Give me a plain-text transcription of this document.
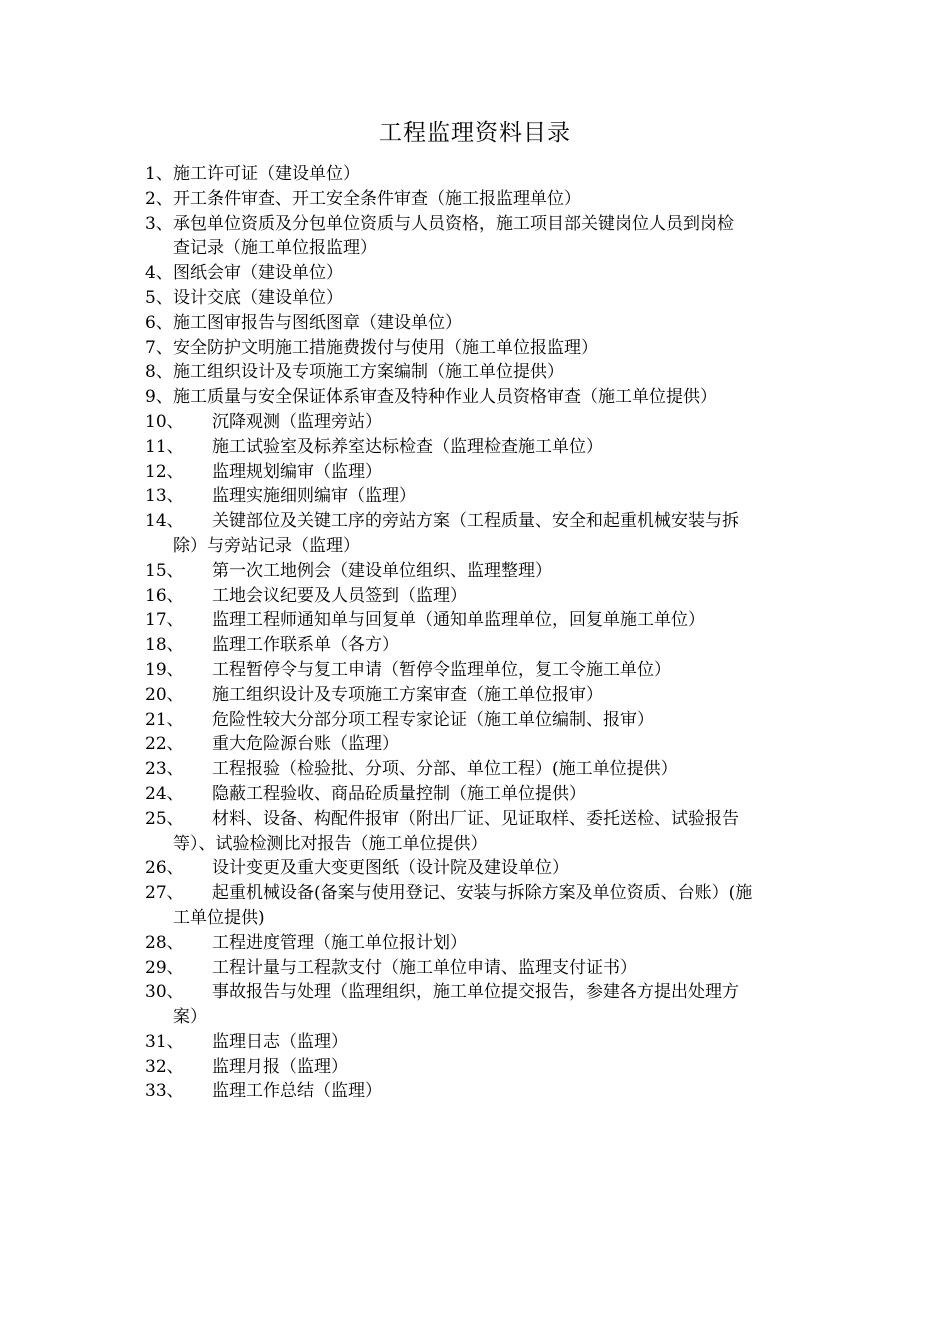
工程监理资料目录
1、 施工许可证（建设单位）
2、 开工条件审查、开工安全条件审查（施工报监理单位）
3、 承包单位资质及分包单位资质与人员资格，施工项目部关键岗位人员到岗检
查记录（施工单位报监理）
4、 图纸会审（建设单位）
5、 设计交底（建设单位）
6、 施工图审报告与图纸图章（建设单位）
7、 安全防护文明施工措施费拨付与使用（施工单位报监理）
8、 施工组织设计及专项施工方案编制（施工单位提供）
9、 施工质量与安全保证体系审查及特种作业人员资格审查（施工单位提供）
10、 沉降观测（监理旁站）
11、 施工试验室及标养室达标检查（监理检查施工单位）
12、 监理规划编审（监理）
13、 监理实施细则编审（监理）
14、 关键部位及关键工序的旁站方案（工程质量、安全和起重机械安装与拆
除）与旁站记录（监理）
15、 第一次工地例会（建设单位组织、监理整理）
16、 工地会议纪要及人员签到（监理）
17、 监理工程师通知单与回复单（通知单监理单位，回复单施工单位）
18、 监理工作联系单（各方）
19、 工程暂停令与复工申请（暂停令监理单位，复工令施工单位）
20、 施工组织设计及专项施工方案审查（施工单位报审）
21、 危险性较大分部分项工程专家论证（施工单位编制、报审）
22、 重大危险源台账（监理）
23、 工程报验（检验批、分项、分部、单位工程）(施工单位提供）
24、 隐蔽工程验收、商品砼质量控制（施工单位提供）
25、 材料、设备、构配件报审（附出厂证、见证取样、委托送检、试验报告
等）、试验检测比对报告（施工单位提供）
26、 设计变更及重大变更图纸（设计院及建设单位）
27、 起重机械设备(备案与使用登记、安装与拆除方案及单位资质、台账）(施
工单位提供)
28、 工程进度管理（施工单位报计划）
29、 工程计量与工程款支付（施工单位申请、监理支付证书）
30、 事故报告与处理（监理组织，施工单位提交报告，参建各方提出处理方
案）
31、 监理日志（监理）
32、 监理月报（监理）
33、 监理工作总结（监理）
